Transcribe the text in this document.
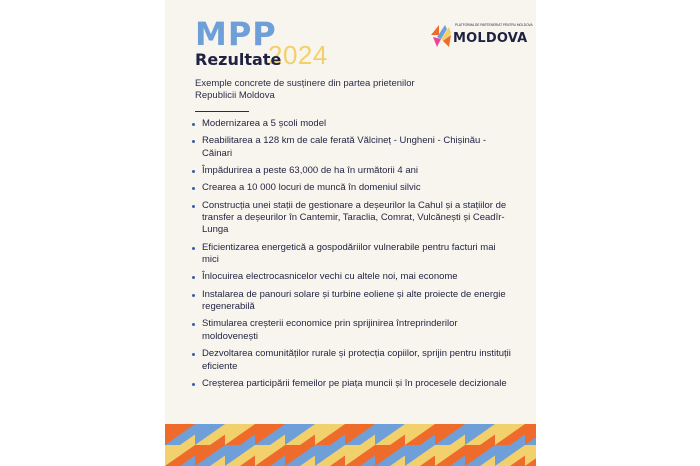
MPP
2024
Rezultate
Exemple concrete de susținere din partea prietenilor Republicii Moldova
PLATFORMA DE PARTENERIAT PENTRU MOLDOVA
MOLDOVA
Modernizarea a 5 școli model
Reabilitarea a 128 km de cale ferată Vălcineț - Ungheni - Chișinău - Căinari
Împădurirea a peste 63,000 de ha în următorii 4 ani
Crearea a 10 000 locuri de muncă în domeniul silvic
Construcția unei stații de gestionare a deșeurilor la Cahul și a stațiilor de transfer a deșeurilor în Cantemir, Taraclia, Comrat, Vulcănești și Ceadîr-Lunga
Eficientizarea energetică a gospodăriilor vulnerabile pentru facturi mai mici
Înlocuirea electrocasnicelor vechi cu altele noi, mai econome
Instalarea de panouri solare și turbine eoliene și alte proiecte de energie regenerabilă
Stimularea creșterii economice prin sprijinirea întreprinderilor moldovenești
Dezvoltarea comunităților rurale și protecția copiilor, sprijin pentru instituții eficiente
Creșterea participării femeilor pe piața muncii și în procesele decizionale
